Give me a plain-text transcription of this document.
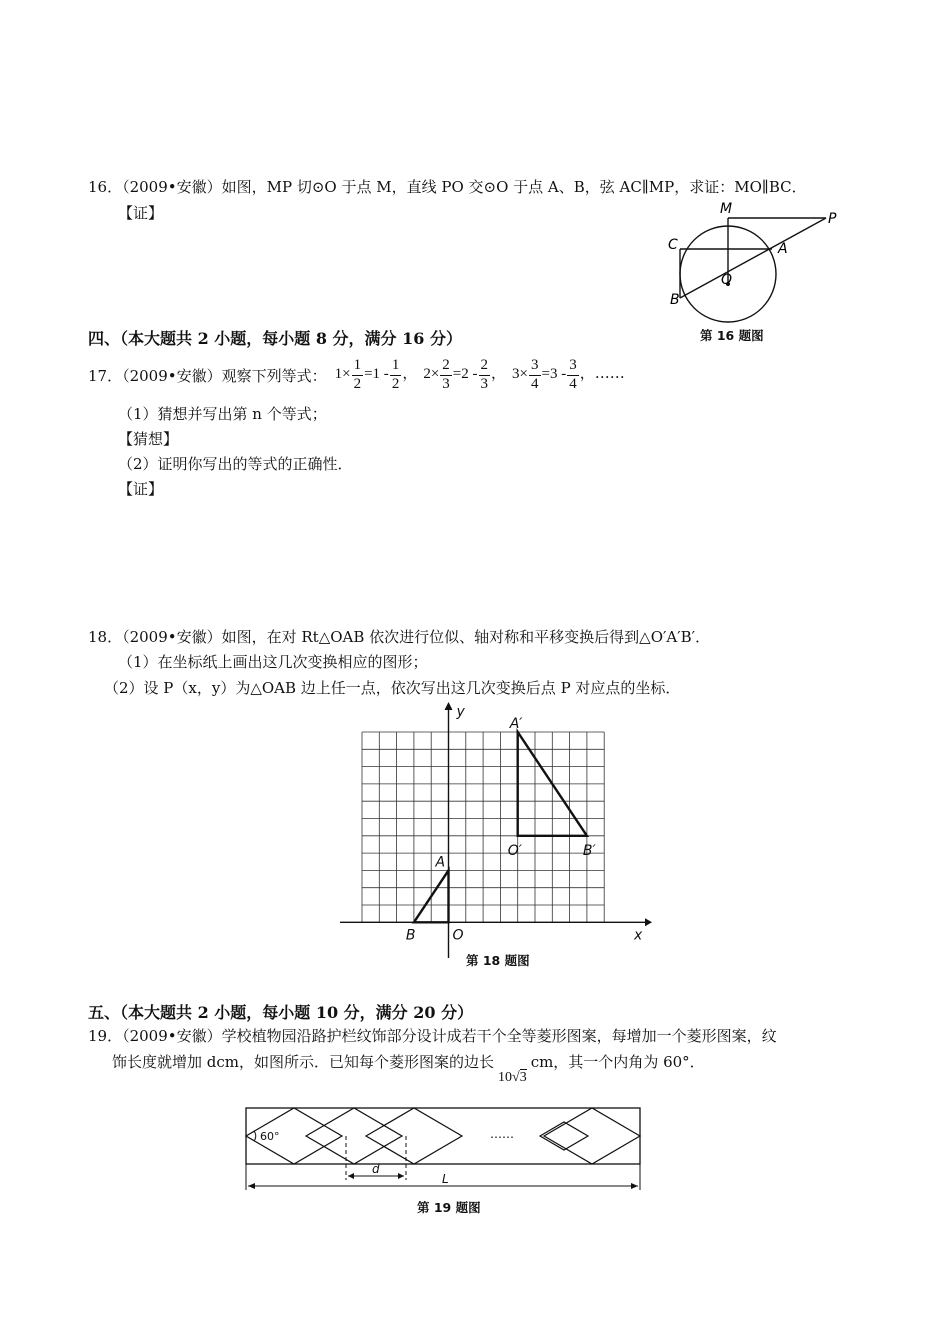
16．（2009•安徽）如图，MP 切⊙O 于点 M，直线 PO 交⊙O 于点 A、B，弦 AC∥MP，求证：MO∥BC．
【证】	M
P
C	A
O
B
第 16 题图
四、（本大题共 2 小题，每小题 8 分，满分 16 分）
17．（2009•安徽）观察下列等式： $1\times \frac{1}{2} =1 - \frac{1}{2}$ ， $2\times \frac{2}{3} =2 - \frac{2}{3}$ ， $3\times \frac{3}{4} =3 - \frac{3}{4}$ ，……
（1）猜想并写出第 n 个等式；
【猜想】
（2）证明你写出的等式的正确性．
【证】
18．（2009•安徽）如图，在对 Rt△OAB 依次进行位似、轴对称和平移变换后得到△O′A′B′．
（1）在坐标纸上画出这几次变换相应的图形；
（2）设 P（x，y）为△OAB 边上任一点，依次写出这几次变换后点 P 对应点的坐标．
y
x
O
B
A
A′
O′	B′
第 18 题图
五、（本大题共 2 小题，每小题 10 分，满分 20 分）
19．（2009•安徽）学校植物园沿路护栏纹饰部分设计成若干个全等菱形图案，每增加一个菱形图案，纹
饰长度就增加 dcm，如图所示．已知每个菱形图案的边长
10√3
cm，其一个内角为 60°．
60°	……
d
L
第 19 题图
